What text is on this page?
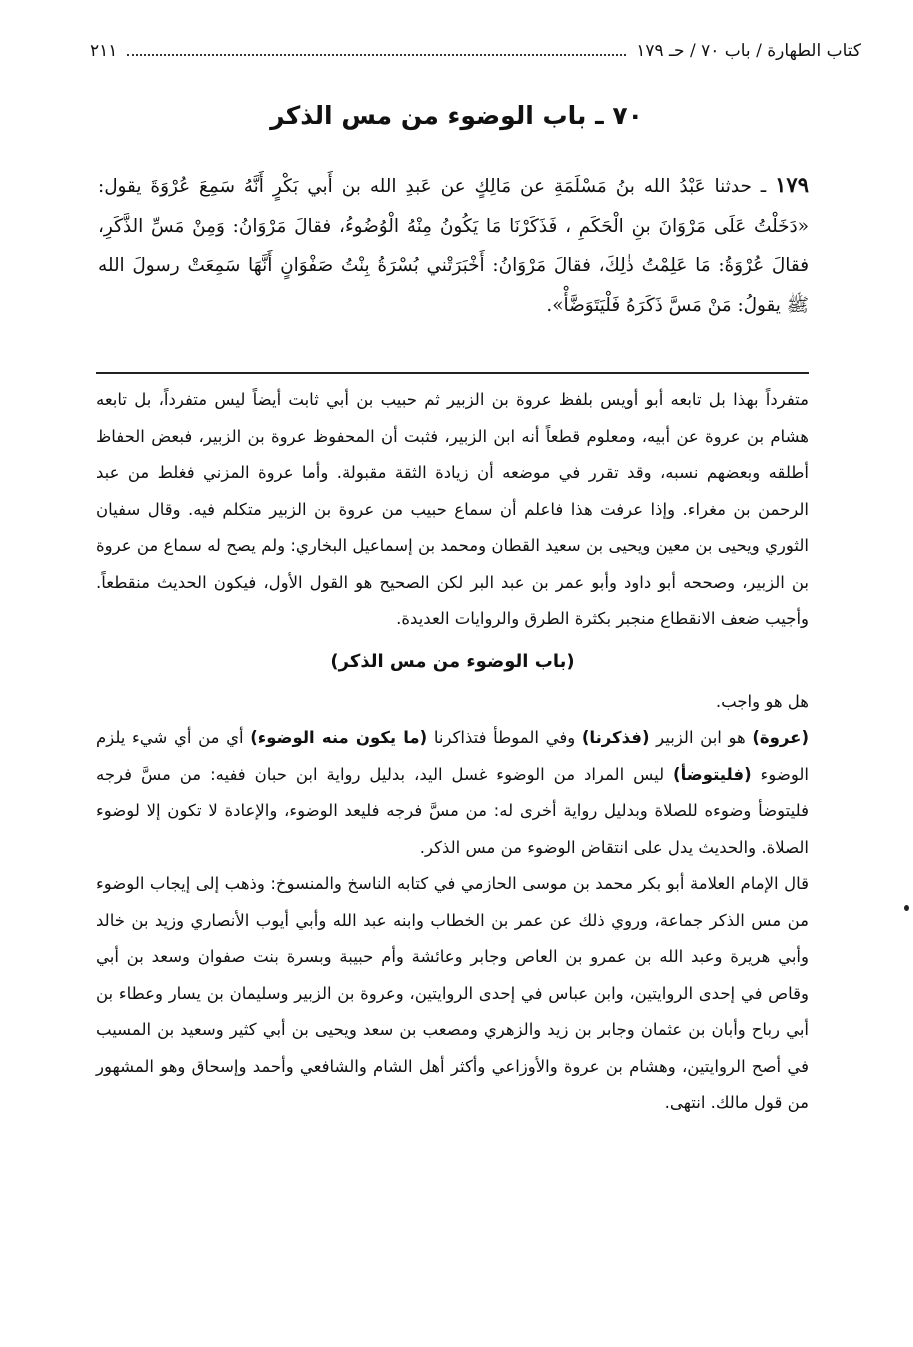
كتاب الطهارة / باب ٧٠ / حـ ١٧٩
٢١١
٧٠ ـ باب الوضوء من مس الذكر
١٧٩ ـ حدثنا عَبْدُ الله بنُ مَسْلَمَةِ عن مَالِكٍ عن عَبدِ الله بن أَبي بَكْرٍ أَنَّهُ سَمِعَ عُرْوَةَ يقول: «دَخَلْتُ عَلَى مَرْوَانَ بنِ الْحَكَمِ ، فَذَكَرْنَا مَا يَكُونُ مِنْهُ الْوُضُوءُ، فقالَ مَرْوَانُ: وَمِنْ مَسِّ الذَّكَرِ، فقالَ عُرْوَةُ: مَا عَلِمْتُ ذٰلِكَ، فقالَ مَرْوَانُ: أَخْبَرَتْني بُسْرَةُ بِنْتُ صَفْوَانٍ أَنَّهَا سَمِعَتْ رسولَ الله ﷺ يقولُ: مَنْ مَسَّ ذَكَرَهُ فَلْيَتَوَضَّأْ».

متفرداً بهذا بل تابعه أبو أويس بلفظ عروة بن الزبير ثم حبيب بن أبي ثابت أيضاً ليس متفرداً، بل تابعه هشام بن عروة عن أبيه، ومعلوم قطعاً أنه ابن الزبير، فثبت أن المحفوظ عروة بن الزبير، فبعض الحفاظ أطلقه وبعضهم نسبه، وقد تقرر في موضعه أن زيادة الثقة مقبولة. وأما عروة المزني فغلط من عبد الرحمن بن مغراء. وإذا عرفت هذا فاعلم أن سماع حبيب من عروة بن الزبير متكلم فيه. وقال سفيان الثوري ويحيى بن معين ويحيى بن سعيد القطان ومحمد بن إسماعيل البخاري: ولم يصح له سماع من عروة بن الزبير، وصححه أبو داود وأبو عمر بن عبد البر لكن الصحيح هو القول الأول، فيكون الحديث منقطعاً. وأجيب ضعف الانقطاع منجبر بكثرة الطرق والروايات العديدة.

(باب الوضوء من مس الذكر)

هل هو واجب.

(عروة) هو ابن الزبير (فذكرنا) وفي الموطأ فتذاكرنا (ما يكون منه الوضوء) أي من أي شيء يلزم الوضوء (فليتوضأ) ليس المراد من الوضوء غسل اليد، بدليل رواية ابن حبان ففيه: من مسَّ فرجه فليتوضأ وضوءه للصلاة وبدليل رواية أخرى له: من مسَّ فرجه فليعد الوضوء، والإعادة لا تكون إلا لوضوء الصلاة. والحديث يدل على انتقاض الوضوء من مس الذكر.

قال الإمام العلامة أبو بكر محمد بن موسى الحازمي في كتابه الناسخ والمنسوخ: وذهب إلى إيجاب الوضوء من مس الذكر جماعة، وروي ذلك عن عمر بن الخطاب وابنه عبد الله وأبي أيوب الأنصاري وزيد بن خالد وأبي هريرة وعبد الله بن عمرو بن العاص وجابر وعائشة وأم حبيبة وبسرة بنت صفوان وسعد بن أبي وقاص في إحدى الروايتين، وابن عباس في إحدى الروايتين، وعروة بن الزبير وسليمان بن يسار وعطاء بن أبي رباح وأبان بن عثمان وجابر بن زيد والزهري ومصعب بن سعد ويحيى بن أبي كثير وسعيد بن المسيب في أصح الروايتين، وهشام بن عروة والأوزاعي وأكثر أهل الشام والشافعي وأحمد وإسحاق وهو المشهور من قول مالك. انتهى.
